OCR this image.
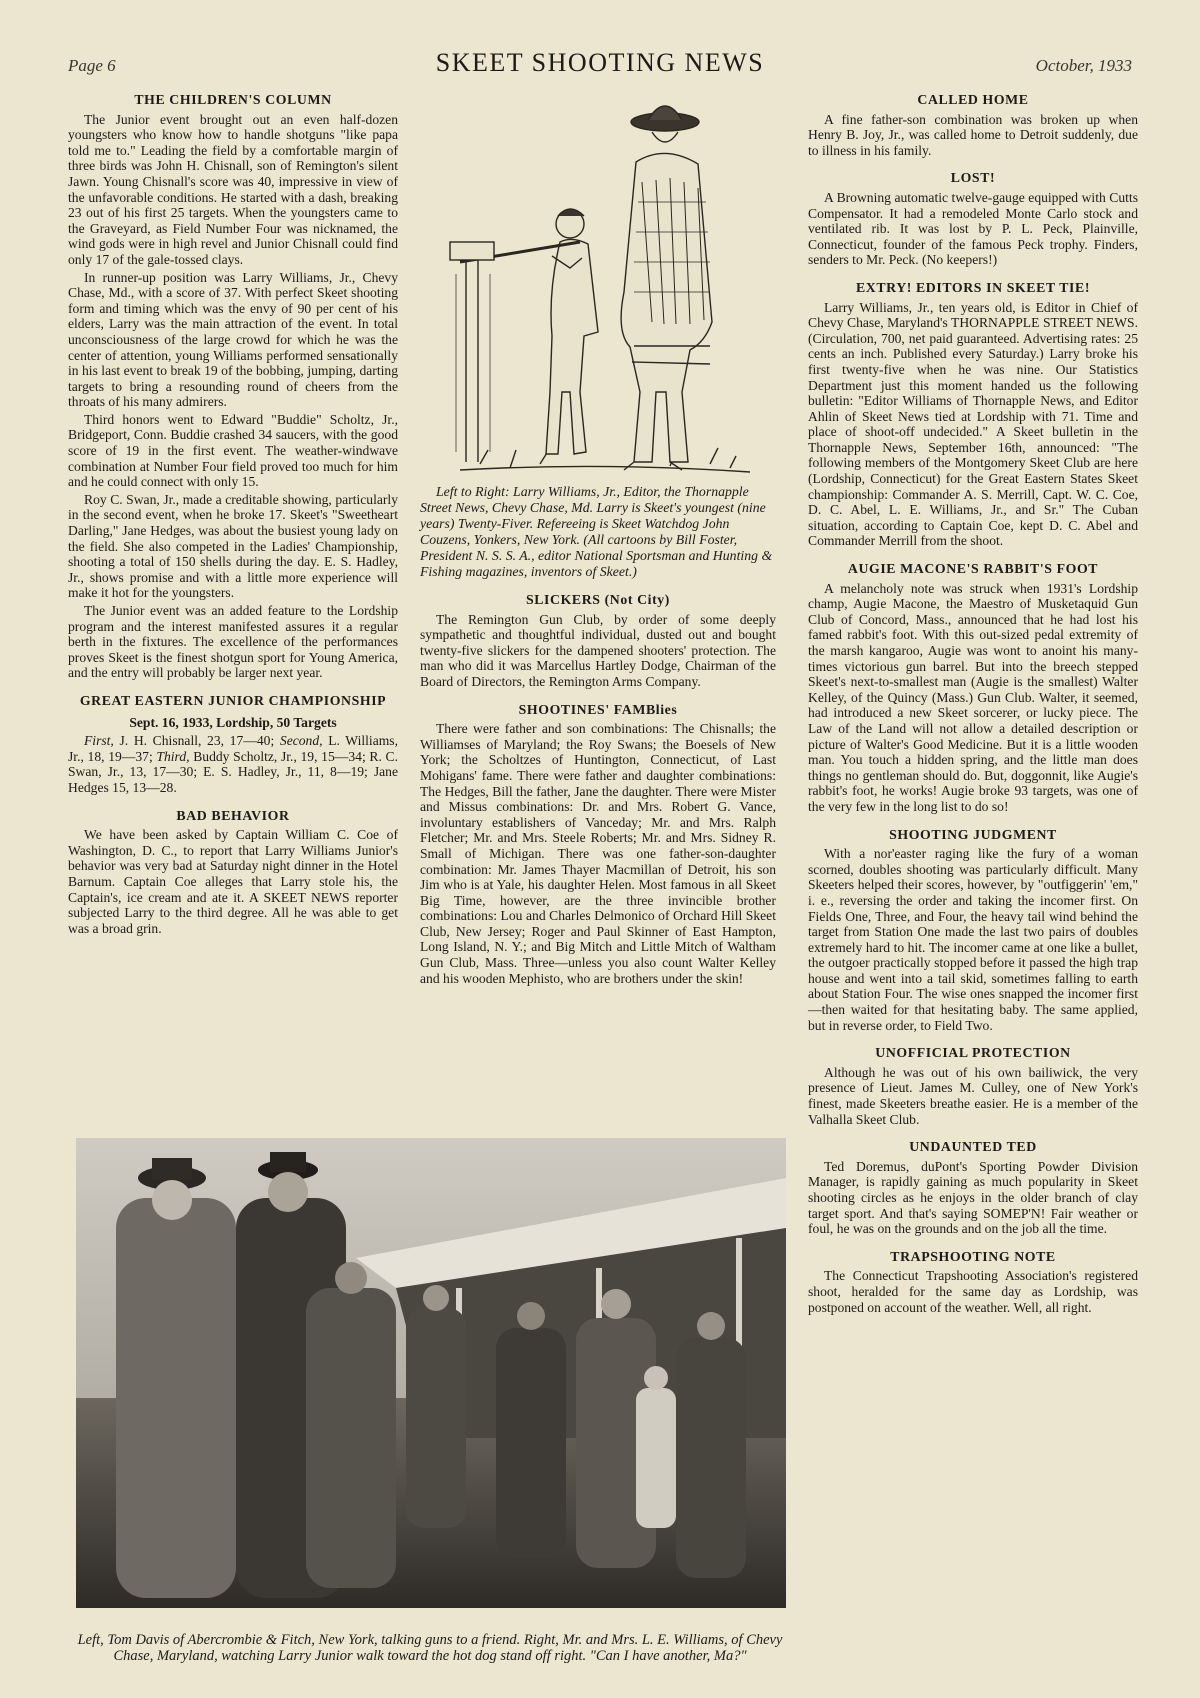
Page 6	SKEET SHOOTING NEWS	October, 1933
THE CHILDREN'S COLUMN

The Junior event brought out an even half-dozen youngsters who know how to handle shotguns "like papa told me to." Leading the field by a comfortable margin of three birds was John H. Chisnall, son of Remington's silent Jawn. Young Chisnall's score was 40, impressive in view of the unfavorable conditions. He started with a dash, breaking 23 out of his first 25 targets. When the youngsters came to the Graveyard, as Field Number Four was nicknamed, the wind gods were in high revel and Junior Chisnall could find only 17 of the gale-tossed clays.

In runner-up position was Larry Williams, Jr., Chevy Chase, Md., with a score of 37. With perfect Skeet shooting form and timing which was the envy of 90 per cent of his elders, Larry was the main attraction of the event. In total unconsciousness of the large crowd for which he was the center of attention, young Williams performed sensationally in his last event to break 19 of the bobbing, jumping, darting targets to bring a resounding round of cheers from the throats of his many admirers.

Third honors went to Edward "Buddie" Scholtz, Jr., Bridgeport, Conn. Buddie crashed 34 saucers, with the good score of 19 in the first event. The weather-windwave combination at Number Four field proved too much for him and he could connect with only 15.

Roy C. Swan, Jr., made a creditable showing, particularly in the second event, when he broke 17. Skeet's "Sweetheart Darling," Jane Hedges, was about the busiest young lady on the field. She also competed in the Ladies' Championship, shooting a total of 150 shells during the day. E. S. Hadley, Jr., shows promise and with a little more experience will make it hot for the youngsters.

The Junior event was an added feature to the Lordship program and the interest manifested assures it a regular berth in the fixtures. The excellence of the performances proves Skeet is the finest shotgun sport for Young America, and the entry will probably be larger next year.

GREAT EASTERN JUNIOR CHAMPIONSHIP
Sept. 16, 1933, Lordship, 50 Targets

First, J. H. Chisnall, 23, 17—40; Second, L. Williams, Jr., 18, 19—37; Third, Buddy Scholtz, Jr., 19, 15—34; R. C. Swan, Jr., 13, 17—30; E. S. Hadley, Jr., 11, 8—19; Jane Hedges 15, 13—28.

BAD BEHAVIOR

We have been asked by Captain William C. Coe of Washington, D. C., to report that Larry Williams Junior's behavior was very bad at Saturday night dinner in the Hotel Barnum. Captain Coe alleges that Larry stole his, the Captain's, ice cream and ate it. A SKEET NEWS reporter subjected Larry to the third degree. All he was able to get was a broad grin.

Left to Right: Larry Williams, Jr., Editor, the Thornapple Street News, Chevy Chase, Md. Larry is Skeet's youngest (nine years) Twenty-Fiver. Refereeing is Skeet Watchdog John Couzens, Yonkers, New York. (All cartoons by Bill Foster, President N. S. S. A., editor National Sportsman and Hunting & Fishing magazines, inventors of Skeet.)

SLICKERS (Not City)

The Remington Gun Club, by order of some deeply sympathetic and thoughtful individual, dusted out and bought twenty-five slickers for the dampened shooters' protection. The man who did it was Marcellus Hartley Dodge, Chairman of the Board of Directors, the Remington Arms Company.

SHOOTINES' FAMBlies

There were father and son combinations: The Chisnalls; the Williamses of Maryland; the Roy Swans; the Boesels of New York; the Scholtzes of Huntington, Connecticut, of Last Mohigans' fame. There were father and daughter combinations: The Hedges, Bill the father, Jane the daughter. There were Mister and Missus combinations: Dr. and Mrs. Robert G. Vance, involuntary establishers of Vanceday; Mr. and Mrs. Ralph Fletcher; Mr. and Mrs. Steele Roberts; Mr. and Mrs. Sidney R. Small of Michigan. There was one father-son-daughter combination: Mr. James Thayer Macmillan of Detroit, his son Jim who is at Yale, his daughter Helen. Most famous in all Skeet Big Time, however, are the three invincible brother combinations: Lou and Charles Delmonico of Orchard Hill Skeet Club, New Jersey; Roger and Paul Skinner of East Hampton, Long Island, N. Y.; and Big Mitch and Little Mitch of Waltham Gun Club, Mass. Three—unless you also count Walter Kelley and his wooden Mephisto, who are brothers under the skin!

CALLED HOME

A fine father-son combination was broken up when Henry B. Joy, Jr., was called home to Detroit suddenly, due to illness in his family.

LOST!

A Browning automatic twelve-gauge equipped with Cutts Compensator. It had a remodeled Monte Carlo stock and ventilated rib. It was lost by P. L. Peck, Plainville, Connecticut, founder of the famous Peck trophy. Finders, senders to Mr. Peck. (No keepers!)

EXTRY! EDITORS IN SKEET TIE!

Larry Williams, Jr., ten years old, is Editor in Chief of Chevy Chase, Maryland's THORNAPPLE STREET NEWS. (Circulation, 700, net paid guaranteed. Advertising rates: 25 cents an inch. Published every Saturday.) Larry broke his first twenty-five when he was nine. Our Statistics Department just this moment handed us the following bulletin: "Editor Williams of Thornapple News, and Editor Ahlin of Skeet News tied at Lordship with 71. Time and place of shoot-off undecided." A Skeet bulletin in the Thornapple News, September 16th, announced: "The following members of the Montgomery Skeet Club are here (Lordship, Connecticut) for the Great Eastern States Skeet championship: Commander A. S. Merrill, Capt. W. C. Coe, D. C. Abel, L. E. Williams, Jr., and Sr." The Cuban situation, according to Captain Coe, kept D. C. Abel and Commander Merrill from the shoot.

AUGIE MACONE'S RABBIT'S FOOT

A melancholy note was struck when 1931's Lordship champ, Augie Macone, the Maestro of Musketaquid Gun Club of Concord, Mass., announced that he had lost his famed rabbit's foot. With this out-sized pedal extremity of the marsh kangaroo, Augie was wont to anoint his many-times victorious gun barrel. But into the breech stepped Skeet's next-to-smallest man (Augie is the smallest) Walter Kelley, of the Quincy (Mass.) Gun Club. Walter, it seemed, had introduced a new Skeet sorcerer, or lucky piece. The Law of the Land will not allow a detailed description or picture of Walter's Good Medicine. But it is a little wooden man. You touch a hidden spring, and the little man does things no gentleman should do. But, doggonnit, like Augie's rabbit's foot, he works! Augie broke 93 targets, was one of the very few in the long list to do so!

SHOOTING JUDGMENT

With a nor'easter raging like the fury of a woman scorned, doubles shooting was particularly difficult. Many Skeeters helped their scores, however, by "outfiggerin' 'em," i. e., reversing the order and taking the incomer first. On Fields One, Three, and Four, the heavy tail wind behind the target from Station One made the last two pairs of doubles extremely hard to hit. The incomer came at one like a bullet, the outgoer practically stopped before it passed the high trap house and went into a tail skid, sometimes falling to earth about Station Four. The wise ones snapped the incomer first—then waited for that hesitating baby. The same applied, but in reverse order, to Field Two.

UNOFFICIAL PROTECTION

Although he was out of his own bailiwick, the very presence of Lieut. James M. Culley, one of New York's finest, made Skeeters breathe easier. He is a member of the Valhalla Skeet Club.

UNDAUNTED TED

Ted Doremus, duPont's Sporting Powder Division Manager, is rapidly gaining as much popularity in Skeet shooting circles as he enjoys in the older branch of clay target sport. And that's saying SOMEP'N! Fair weather or foul, he was on the grounds and on the job all the time.

TRAPSHOOTING NOTE

The Connecticut Trapshooting Association's registered shoot, heralded for the same day as Lordship, was postponed on account of the weather. Well, all right.

Left, Tom Davis of Abercrombie & Fitch, New York, talking guns to a friend. Right, Mr. and Mrs. L. E. Williams, of Chevy Chase, Maryland, watching Larry Junior walk toward the hot dog stand off right. "Can I have another, Ma?"
